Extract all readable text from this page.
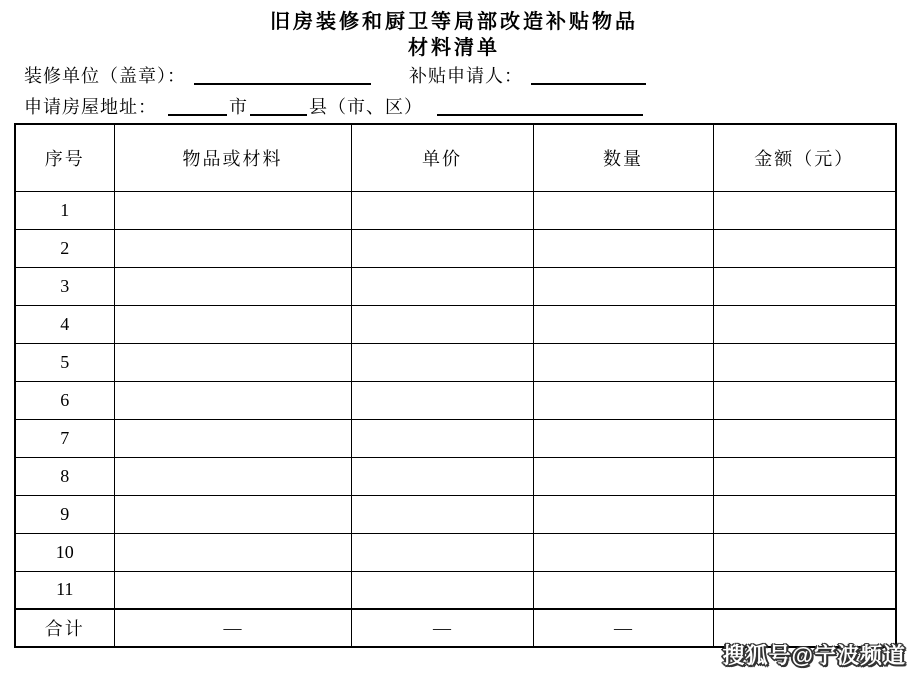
旧房装修和厨卫等局部改造补贴物品
材料清单
装修单位（盖章）：	补贴申请人：
申请房屋地址：	市	县（市、区）
序号	物品或材料	单价	数量	金额（元）
1				
2				
3				
4				
5				
6				
7				
8				
9				
10				
11				
合计	—	—	—	
搜狐号@宁波频道
